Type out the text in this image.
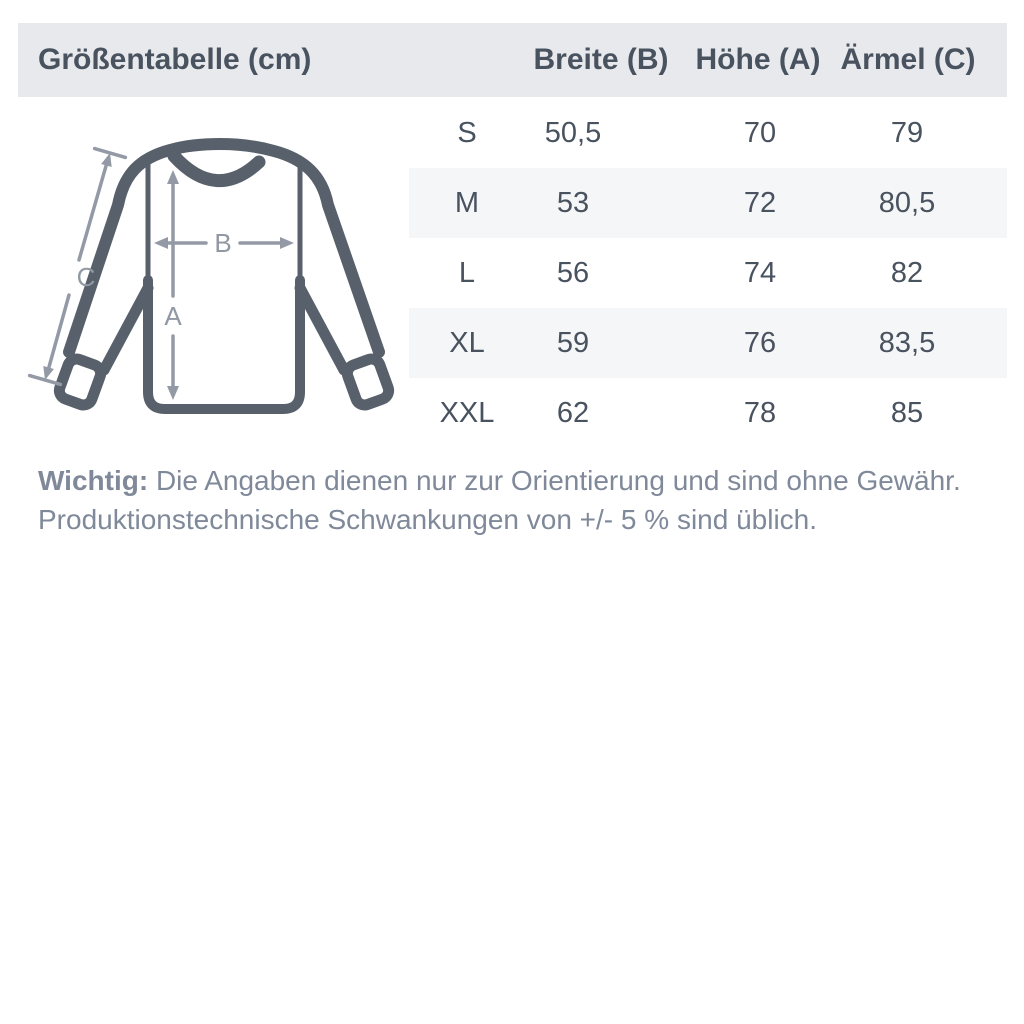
Größentabelle (cm)	Breite (B) Höhe (A) Ärmel (C)
S 50,5	70	79
M	53	72	80,5
L	56	74	82
XL 59	76	83,5
XXL 62	78	85
A
B
C
Wichtig: Die Angaben dienen nur zur Orientierung und sind ohne Gewähr.
Produktionstechnische Schwankungen von +/- 5 % sind üblich.
